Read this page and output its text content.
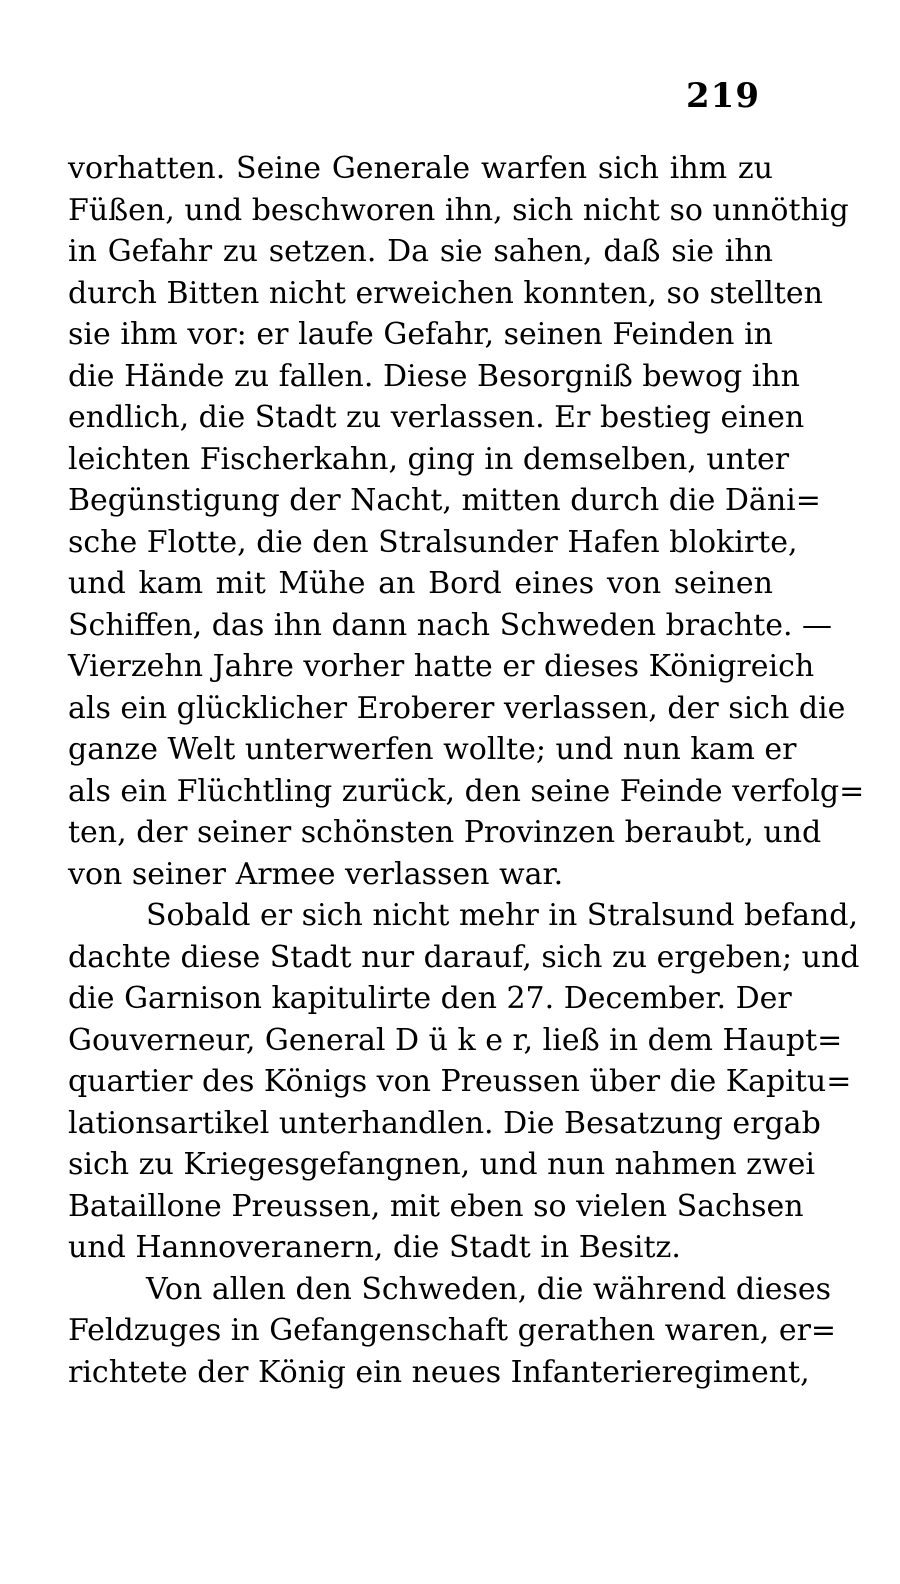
219
vorhatten. Seine Generale warfen sich ihm zu
Füßen, und beschworen ihn, sich nicht so unnöthig
in Gefahr zu setzen. Da sie sahen, daß sie ihn
durch Bitten nicht erweichen konnten, so stellten
sie ihm vor: er laufe Gefahr, seinen Feinden in
die Hände zu fallen. Diese Besorgniß bewog ihn
endlich, die Stadt zu verlassen. Er bestieg einen
leichten Fischerkahn, ging in demselben, unter
Begünstigung der Nacht, mitten durch die Däni=
sche Flotte, die den Stralsunder Hafen blokirte,
und kam mit Mühe an Bord eines von seinen
Schiffen, das ihn dann nach Schweden brachte. —
Vierzehn Jahre vorher hatte er dieses Königreich
als ein glücklicher Eroberer verlassen, der sich die
ganze Welt unterwerfen wollte; und nun kam er
als ein Flüchtling zurück, den seine Feinde verfolg=
ten, der seiner schönsten Provinzen beraubt, und
von seiner Armee verlassen war.
Sobald er sich nicht mehr in Stralsund befand,
dachte diese Stadt nur darauf, sich zu ergeben; und
die Garnison kapitulirte den 27. December. Der
Gouverneur, General D ü k e r, ließ in dem Haupt=
quartier des Königs von Preussen über die Kapitu=
lationsartikel unterhandlen. Die Besatzung ergab
sich zu Kriegesgefangnen, und nun nahmen zwei
Bataillone Preussen, mit eben so vielen Sachsen
und Hannoveranern, die Stadt in Besitz.
Von allen den Schweden, die während dieses
Feldzuges in Gefangenschaft gerathen waren, er=
richtete der König ein neues Infanterieregiment,
